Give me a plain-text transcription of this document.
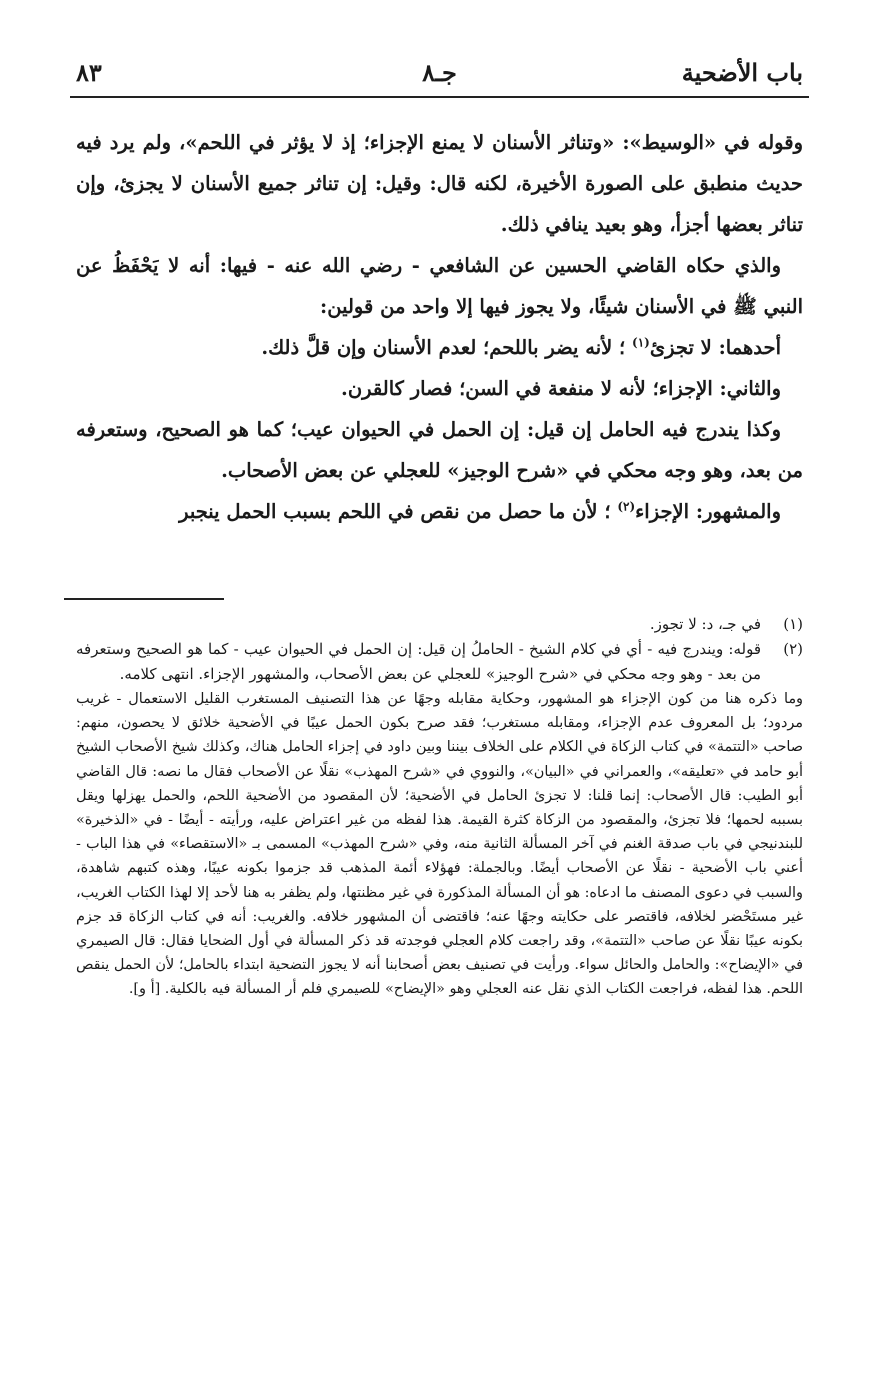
باب الأضحية
جـ٨
٨٣

وقوله في «الوسيط»: «وتناثر الأسنان لا يمنع الإجزاء؛ إذ لا يؤثر في اللحم»، ولم يرد فيه حديث منطبق على الصورة الأخيرة، لكنه قال: وقيل: إن تناثر جميع الأسنان لا يجزئ، وإن تناثر بعضها أجزأ، وهو بعيد ينافي ذلك.

والذي حكاه القاضي الحسين عن الشافعي - رضي الله عنه - فيها: أنه لا يَحْفَظُ عن النبي ﷺ في الأسنان شيئًا، ولا يجوز فيها إلا واحد من قولين:

أحدهما: لا تجزئ$^{(١)}$ ؛ لأنه يضر باللحم؛ لعدم الأسنان وإن قلَّ ذلك.

والثاني: الإجزاء؛ لأنه لا منفعة في السن؛ فصار كالقرن.

وكذا يندرج فيه الحامل إن قيل: إن الحمل في الحيوان عيب؛ كما هو الصحيح، وستعرفه من بعد، وهو وجه محكي في «شرح الوجيز» للعجلي عن بعض الأصحاب.

والمشهور: الإجزاء$^{(٢)}$ ؛ لأن ما حصل من نقص في اللحم بسبب الحمل ينجبر

(١)
في جـ، د: لا تجوز.
(٢)
قوله: ويندرج فيه - أي في كلام الشيخ - الحاملُ إن قيل: إن الحمل في الحيوان عيب - كما هو الصحيح وستعرفه من بعد - وهو وجه محكي في «شرح الوجيز» للعجلي عن بعض الأصحاب، والمشهور الإجزاء. انتهى كلامه.

وما ذكره هنا من كون الإجزاء هو المشهور، وحكاية مقابله وجهًا عن هذا التصنيف المستغرب القليل الاستعمال - غريب مردود؛ بل المعروف عدم الإجزاء، ومقابله مستغرب؛ فقد صرح بكون الحمل عيبًا في الأضحية خلائق لا يحصون، منهم: صاحب «التتمة» في كتاب الزكاة في الكلام على الخلاف بيننا وبين داود في إجزاء الحامل هناك، وكذلك شيخ الأصحاب الشيخ أبو حامد في «تعليقه»، والعمراني في «البيان»، والنووي في «شرح المهذب» نقلًا عن الأصحاب فقال ما نصه: قال القاضي أبو الطيب: قال الأصحاب: إنما قلنا: لا تجزئ الحامل في الأضحية؛ لأن المقصود من الأضحية اللحم، والحمل يهزلها ويقل بسببه لحمها؛ فلا تجزئ، والمقصود من الزكاة كثرة القيمة. هذا لفظه من غير اعتراض عليه، ورأيته - أيضًا - في «الذخيرة» للبندنيجي في باب صدقة الغنم في آخر المسألة الثانية منه، وفي «شرح المهذب» المسمى بـ «الاستقصاء» في هذا الباب - أعني باب الأضحية - نقلًا عن الأصحاب أيضًا. وبالجملة: فهؤلاء أئمة المذهب قد جزموا بكونه عيبًا، وهذه كتبهم شاهدة، والسبب في دعوى المصنف ما ادعاه: هو أن المسألة المذكورة في غير مظنتها، ولم يظفر به هنا لأحد إلا لهذا الكتاب الغريب، غير مستَحْضر لخلافه، فاقتصر على حكايته وجهًا عنه؛ فاقتضى أن المشهور خلافه. والغريب: أنه في كتاب الزكاة قد جزم بكونه عيبًا نقلًا عن صاحب «التتمة»، وقد راجعت كلام العجلي فوجدته قد ذكر المسألة في أول الضحايا فقال: قال الصيمري في «الإيضاح»: والحامل والحائل سواء. ورأيت في تصنيف بعض أصحابنا أنه لا يجوز التضحية ابتداء بالحامل؛ لأن الحمل ينقص اللحم. هذا لفظه، فراجعت الكتاب الذي نقل عنه العجلي وهو «الإيضاح» للصيمري فلم أر المسألة فيه بالكلية. [أ و].
